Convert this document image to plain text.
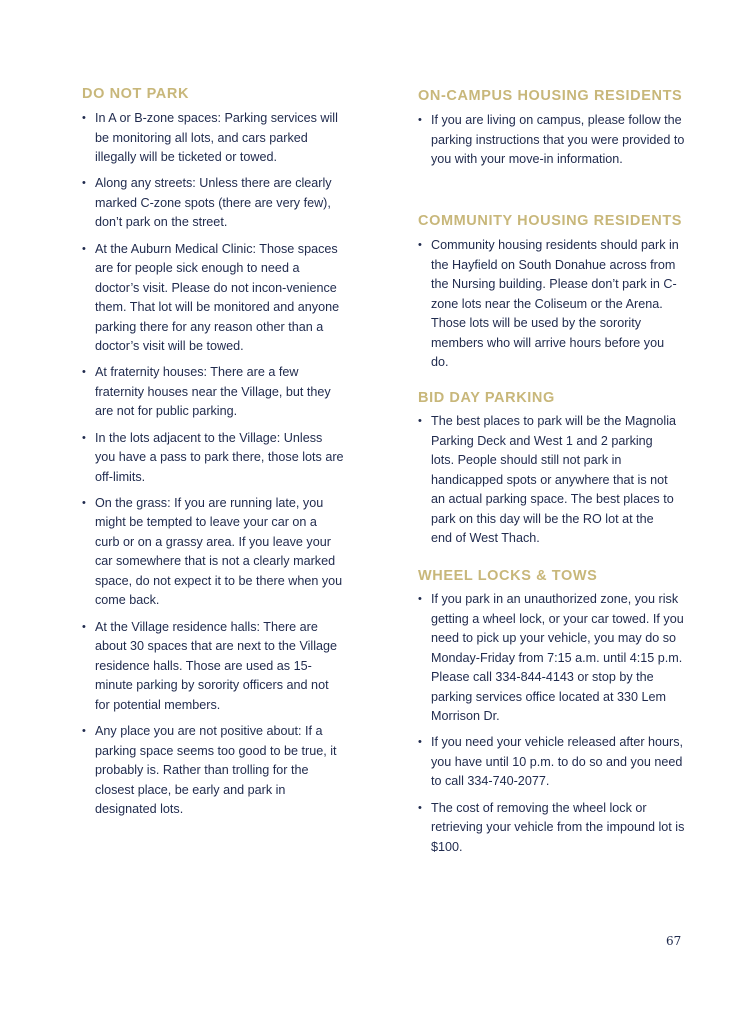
DO NOT PARK
• In A or B-zone spaces: Parking services will be monitoring all lots, and cars parked illegally will be ticketed or towed.
• Along any streets: Unless there are clearly marked C-zone spots (there are very few), don’t park on the street.
• At the Auburn Medical Clinic: Those spaces are for people sick enough to need a doctor’s visit. Please do not incon-venience them. That lot will be monitored and anyone parking there for any reason other than a doctor’s visit will be towed.
• At fraternity houses: There are a few fraternity houses near the Village, but they are not for public parking.
• In the lots adjacent to the Village: Unless you have a pass to park there, those lots are off-limits.
• On the grass: If you are running late, you might be tempted to leave your car on a curb or on a grassy area. If you leave your car somewhere that is not a clearly marked space, do not expect it to be there when you come back.
• At the Village residence halls: There are about 30 spaces that are next to the Village residence halls. Those are used as 15-minute parking by sorority officers and not for potential members.
• Any place you are not positive about: If a parking space seems too good to be true, it probably is. Rather than trolling for the closest place, be early and park in designated lots.
ON-CAMPUS HOUSING RESIDENTS
• If you are living on campus, please follow the parking instructions that you were provided to you with your move-in information.
COMMUNITY HOUSING RESIDENTS
• Community housing residents should park in the Hayfield on South Donahue across from the Nursing building. Please don’t park in C-zone lots near the Coliseum or the Arena. Those lots will be used by the sorority members who will arrive hours before you do.
BID DAY PARKING
• The best places to park will be the Magnolia Parking Deck and West 1 and 2 parking lots. People should still not park in handicapped spots or anywhere that is not an actual parking space. The best places to park on this day will be the RO lot at the end of West Thach.
WHEEL LOCKS & TOWS
• If you park in an unauthorized zone, you risk getting a wheel lock, or your car towed. If you need to pick up your vehicle, you may do so Monday-Friday from 7:15 a.m. until 4:15 p.m. Please call 334-844-4143 or stop by the parking services office located at 330 Lem Morrison Dr.
• If you need your vehicle released after hours, you have until 10 p.m. to do so and you need to call 334-740-2077.
• The cost of removing the wheel lock or retrieving your vehicle from the impound lot is $100.
67
